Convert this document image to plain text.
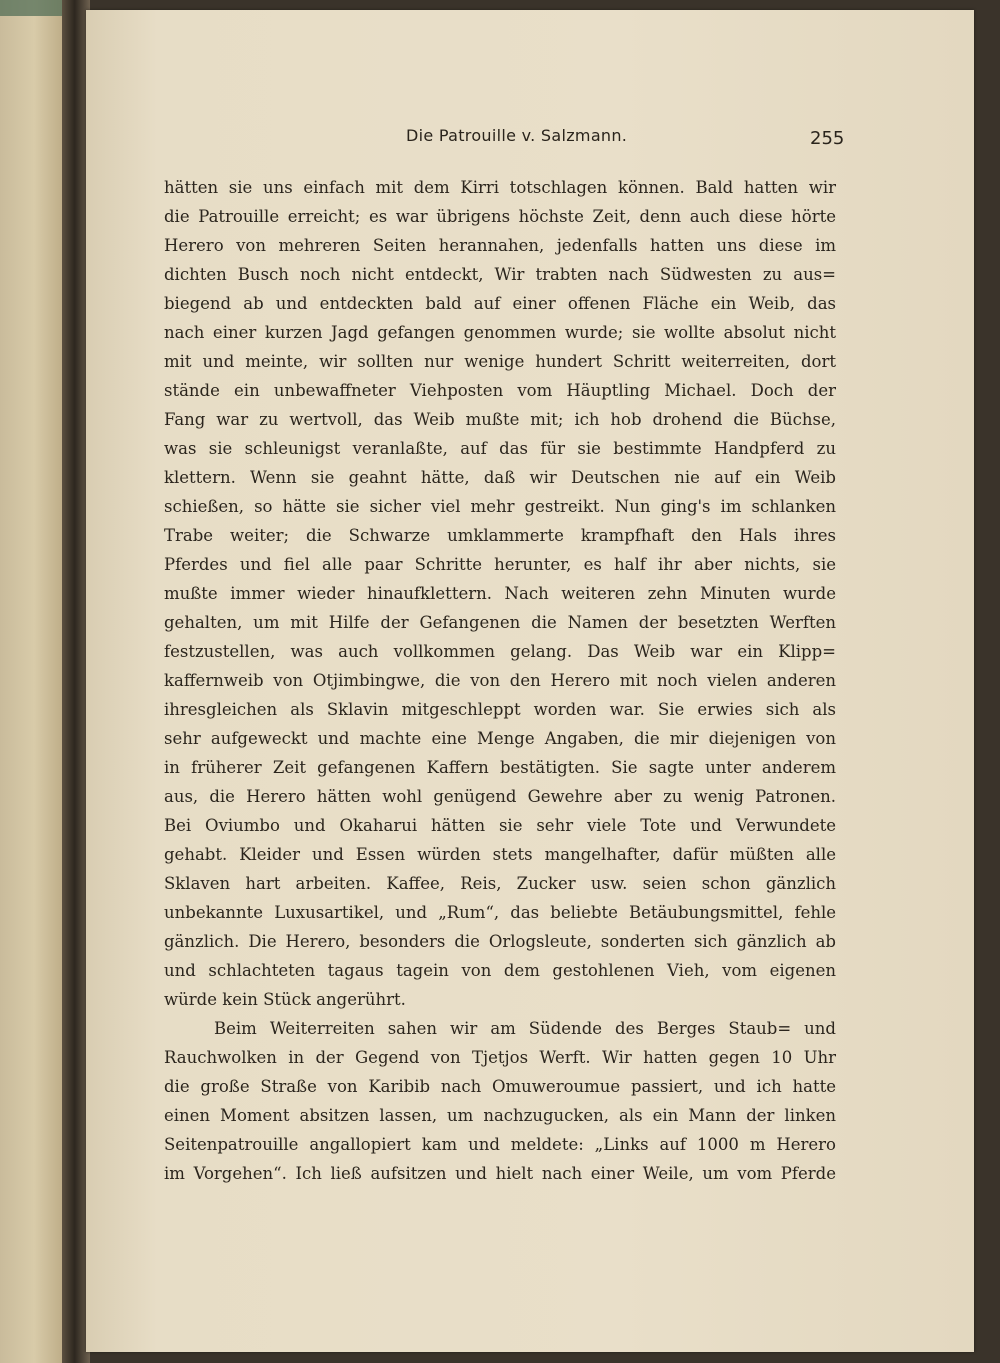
Die Patrouille v. Salzmann.	255
hätten sie uns einfach mit dem Kirri totschlagen können. Bald hatten wir
die Patrouille erreicht; es war übrigens höchste Zeit, denn auch diese hörte
Herero von mehreren Seiten herannahen, jedenfalls hatten uns diese im
dichten Busch noch nicht entdeckt, Wir trabten nach Südwesten zu aus=
biegend ab und entdeckten bald auf einer offenen Fläche ein Weib, das
nach einer kurzen Jagd gefangen genommen wurde; sie wollte absolut nicht
mit und meinte, wir sollten nur wenige hundert Schritt weiterreiten, dort
stände ein unbewaffneter Viehposten vom Häuptling Michael. Doch der
Fang war zu wertvoll, das Weib mußte mit; ich hob drohend die Büchse,
was sie schleunigst veranlaßte, auf das für sie bestimmte Handpferd zu
klettern. Wenn sie geahnt hätte, daß wir Deutschen nie auf ein Weib
schießen, so hätte sie sicher viel mehr gestreikt. Nun ging's im schlanken
Trabe weiter; die Schwarze umklammerte krampfhaft den Hals ihres
Pferdes und fiel alle paar Schritte herunter, es half ihr aber nichts, sie
mußte immer wieder hinaufklettern. Nach weiteren zehn Minuten wurde
gehalten, um mit Hilfe der Gefangenen die Namen der besetzten Werften
festzustellen, was auch vollkommen gelang. Das Weib war ein Klipp=
kaffernweib von Otjimbingwe, die von den Herero mit noch vielen anderen
ihresgleichen als Sklavin mitgeschleppt worden war. Sie erwies sich als
sehr aufgeweckt und machte eine Menge Angaben, die mir diejenigen von
in früherer Zeit gefangenen Kaffern bestätigten. Sie sagte unter anderem
aus, die Herero hätten wohl genügend Gewehre aber zu wenig Patronen.
Bei Oviumbo und Okaharui hätten sie sehr viele Tote und Verwundete
gehabt. Kleider und Essen würden stets mangelhafter, dafür müßten alle
Sklaven hart arbeiten. Kaffee, Reis, Zucker usw. seien schon gänzlich
unbekannte Luxusartikel, und „Rum“, das beliebte Betäubungsmittel, fehle
gänzlich. Die Herero, besonders die Orlogsleute, sonderten sich gänzlich ab
und schlachteten tagaus tagein von dem gestohlenen Vieh, vom eigenen
würde kein Stück angerührt.
Beim Weiterreiten sahen wir am Südende des Berges Staub= und
Rauchwolken in der Gegend von Tjetjos Werft. Wir hatten gegen 10 Uhr
die große Straße von Karibib nach Omuweroumue passiert, und ich hatte
einen Moment absitzen lassen, um nachzugucken, als ein Mann der linken
Seitenpatrouille angallopiert kam und meldete: „Links auf 1000 m Herero
im Vorgehen“. Ich ließ aufsitzen und hielt nach einer Weile, um vom Pferde
